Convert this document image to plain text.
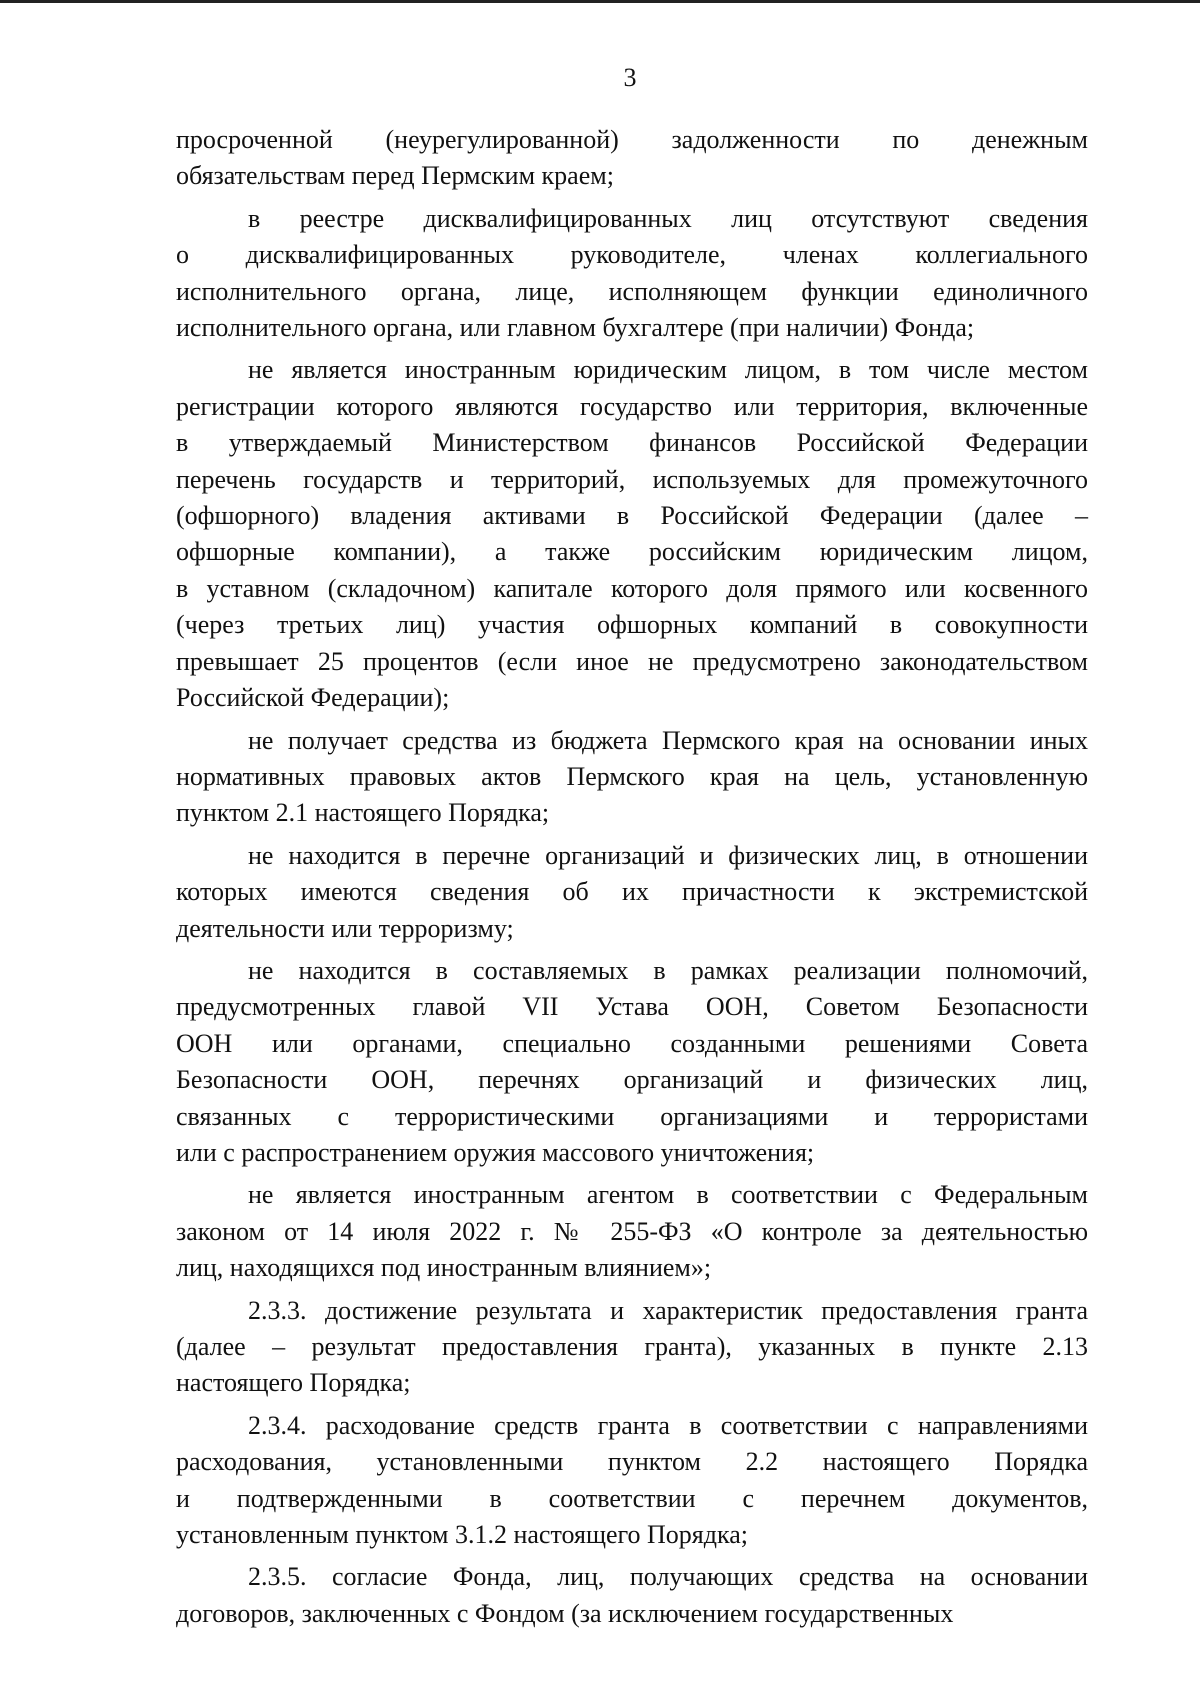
3
просроченной (неурегулированной) задолженности по денежным
обязательствам перед Пермским краем;
в реестре дисквалифицированных лиц отсутствуют сведения
о дисквалифицированных руководителе, членах коллегиального
исполнительного органа, лице, исполняющем функции единоличного
исполнительного органа, или главном бухгалтере (при наличии) Фонда;
не является иностранным юридическим лицом, в том числе местом
регистрации которого являются государство или территория, включенные
в утверждаемый Министерством финансов Российской Федерации
перечень государств и территорий, используемых для промежуточного
(офшорного) владения активами в Российской Федерации (далее –
офшорные компании), а также российским юридическим лицом,
в уставном (складочном) капитале которого доля прямого или косвенного
(через третьих лиц) участия офшорных компаний в совокупности
превышает 25 процентов (если иное не предусмотрено законодательством
Российской Федерации);
не получает средства из бюджета Пермского края на основании иных
нормативных правовых актов Пермского края на цель, установленную
пунктом 2.1 настоящего Порядка;
не находится в перечне организаций и физических лиц, в отношении
которых имеются сведения об их причастности к экстремистской
деятельности или терроризму;
не находится в составляемых в рамках реализации полномочий,
предусмотренных главой VII Устава ООН, Советом Безопасности
ООН или органами, специально созданными решениями Совета
Безопасности ООН, перечнях организаций и физических лиц,
связанных с террористическими организациями и террористами
или с распространением оружия массового уничтожения;
не является иностранным агентом в соответствии с Федеральным
законом от 14 июля 2022 г. № 255-ФЗ «О контроле за деятельностью
лиц, находящихся под иностранным влиянием»;
2.3.3. достижение результата и характеристик предоставления гранта
(далее – результат предоставления гранта), указанных в пункте 2.13
настоящего Порядка;
2.3.4. расходование средств гранта в соответствии с направлениями
расходования, установленными пунктом 2.2 настоящего Порядка
и подтвержденными в соответствии с перечнем документов,
установленным пунктом 3.1.2 настоящего Порядка;
2.3.5. согласие Фонда, лиц, получающих средства на основании
договоров, заключенных с Фондом (за исключением государственных
